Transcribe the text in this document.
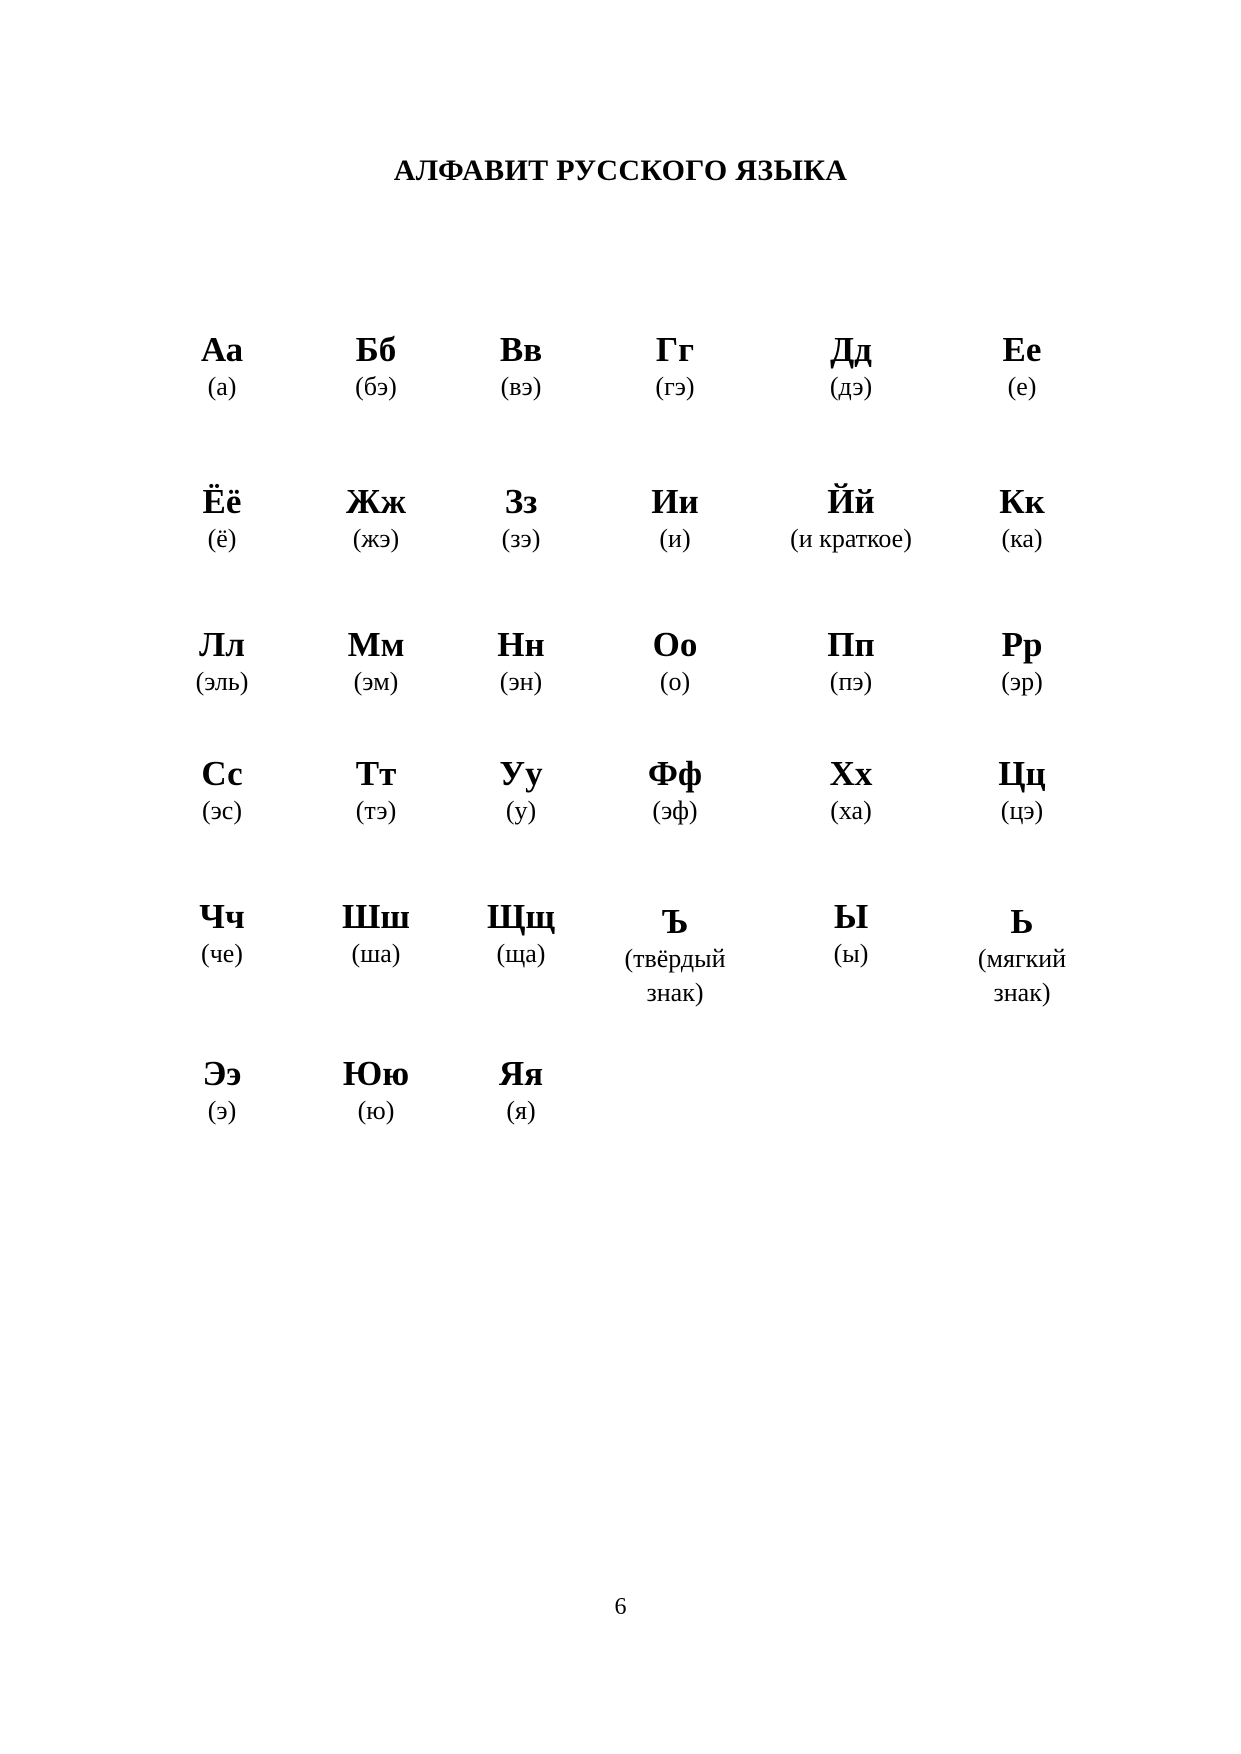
АЛФАВИТ РУССКОГО ЯЗЫКА
Аа
(а)
Бб
(бэ)
Вв
(вэ)
Гг
(гэ)
Дд
(дэ)
Ее
(е)
Ёё
(ё)
Жж
(жэ)
Зз
(зэ)
Ии
(и)
Йй
(и краткое)
Кк
(ка)
Лл
(эль)
Мм
(эм)
Нн
(эн)
Оо
(о)
Пп
(пэ)
Рр
(эр)
Сс
(эс)
Тт
(тэ)
Уу
(у)
Фф
(эф)
Хх
(ха)
Цц
(цэ)
Чч
(че)
Шш
(ша)
Щщ
(ща)
Ъ
(твёрдый знак)
Ы
(ы)
Ь
(мягкий знак)
Ээ
(э)
Юю
(ю)
Яя
(я)
6
